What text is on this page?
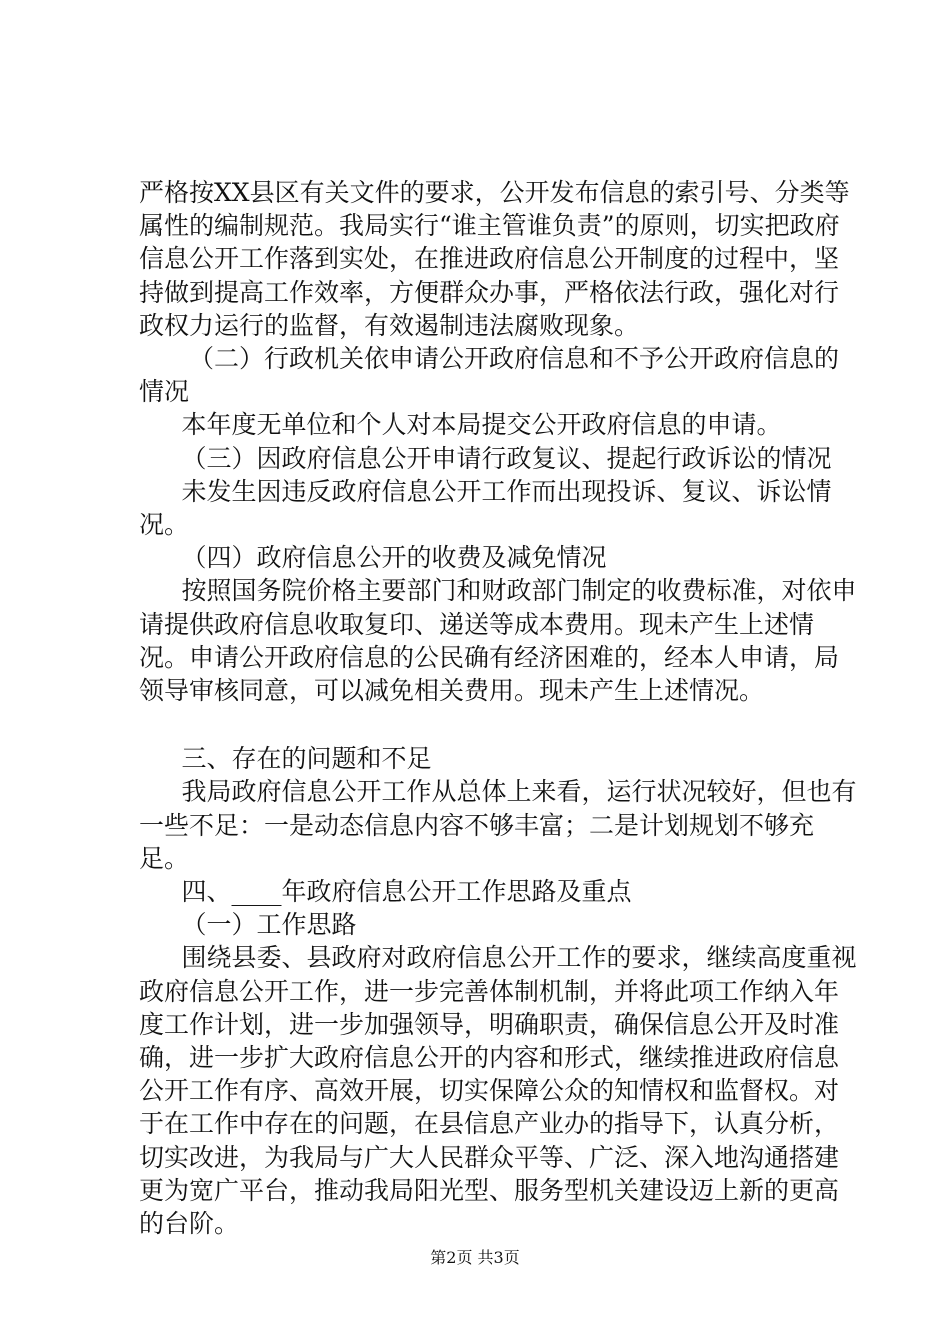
严格按XX县区有关文件的要求，公开发布信息的索引号、分类等属性的编制规范。我局实行“谁主管谁负责”的原则，切实把政府信息公开工作落到实处，在推进政府信息公开制度的过程中，坚持做到提高工作效率，方便群众办事，严格依法行政，强化对行政权力运行的监督，有效遏制违法腐败现象。

（二）行政机关依申请公开政府信息和不予公开政府信息的情况

本年度无单位和个人对本局提交公开政府信息的申请。

（三）因政府信息公开申请行政复议、提起行政诉讼的情况

未发生因违反政府信息公开工作而出现投诉、复议、诉讼情况。

（四）政府信息公开的收费及减免情况

按照国务院价格主要部门和财政部门制定的收费标准，对依申请提供政府信息收取复印、递送等成本费用。现未产生上述情况。申请公开政府信息的公民确有经济困难的，经本人申请，局领导审核同意，可以减免相关费用。现未产生上述情况。

三、存在的问题和不足

我局政府信息公开工作从总体上来看，运行状况较好，但也有一些不足：一是动态信息内容不够丰富；二是计划规划不够充足。

四、____年政府信息公开工作思路及重点

（一）工作思路

围绕县委、县政府对政府信息公开工作的要求，继续高度重视政府信息公开工作，进一步完善体制机制，并将此项工作纳入年度工作计划，进一步加强领导，明确职责，确保信息公开及时准确，进一步扩大政府信息公开的内容和形式，继续推进政府信息公开工作有序、高效开展，切实保障公众的知情权和监督权。对于在工作中存在的问题，在县信息产业办的指导下，认真分析，切实改进，为我局与广大人民群众平等、广泛、深入地沟通搭建更为宽广平台，推动我局阳光型、服务型机关建设迈上新的更高的台阶。

第2页 共3页
